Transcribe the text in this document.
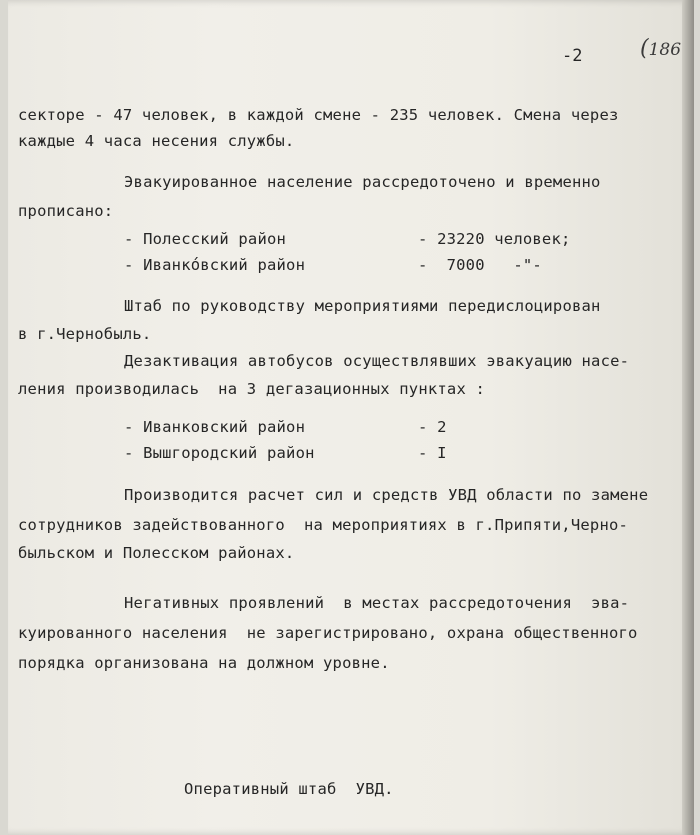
-2	(186
секторе - 47 человек, в каждой смене - 235 человек. Смена через
каждые 4 часа несения службы.
Эвакуированное население рассредоточено и временно
прописано:
- Полесский район	- 23220 человек;
- Иванкόвский район	-  7000   -"-
Штаб по руководству мероприятиями передислоцирован
в г.Чернобыль.
Дезактивация автобусов осуществлявших эвакуацию насе-
ления производилась  на 3 дегазационных пунктах :
- Иванковский район	- 2
- Вышгородский район	- I
Производится расчет сил и средств УВД области по замене
сотрудников задействованного  на мероприятиях в г.Припяти,Черно-
быльском и Полесском районах.
Негативных проявлений  в местах рассредоточения  эва-
куированного населения  не зарегистрировано, охрана общественного
порядка организована на должном уровне.
Оперативный штаб  УВД.
